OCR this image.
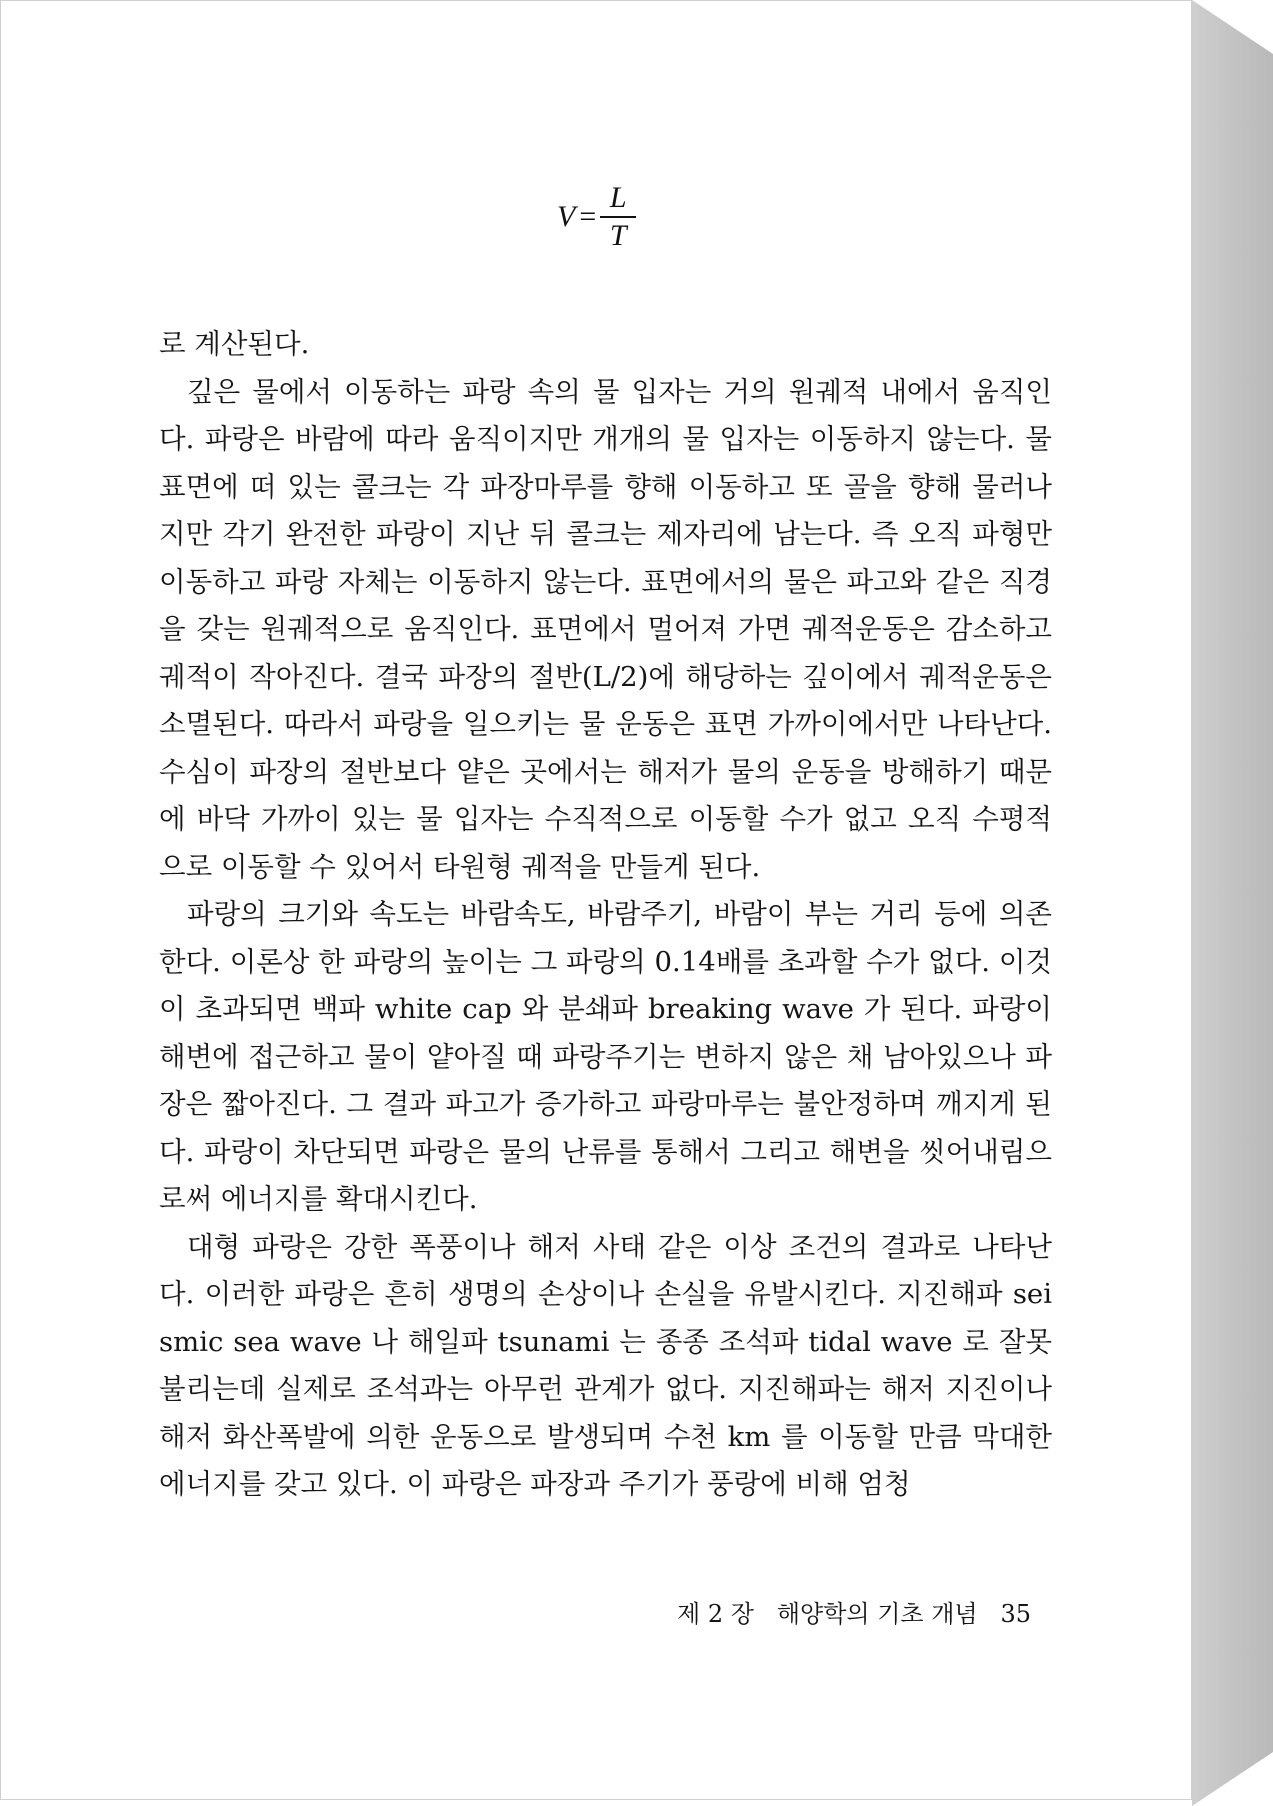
$V = \frac{L}{T}$

로 계산된다.

깊은 물에서 이동하는 파랑 속의 물 입자는 거의 원궤적 내에서 움직인다. 파랑은 바람에 따라 움직이지만 개개의 물 입자는 이동하지 않는다. 물 표면에 떠 있는 콜크는 각 파장마루를 향해 이동하고 또 골을 향해 물러나지만 각기 완전한 파랑이 지난 뒤 콜크는 제자리에 남는다. 즉 오직 파형만 이동하고 파랑 자체는 이동하지 않는다. 표면에서의 물은 파고와 같은 직경을 갖는 원궤적으로 움직인다. 표면에서 멀어져 가면 궤적운동은 감소하고 궤적이 작아진다. 결국 파장의 절반(L/2)에 해당하는 깊이에서 궤적운동은 소멸된다. 따라서 파랑을 일으키는 물 운동은 표면 가까이에서만 나타난다. 수심이 파장의 절반보다 얕은 곳에서는 해저가 물의 운동을 방해하기 때문에 바닥 가까이 있는 물 입자는 수직적으로 이동할 수가 없고 오직 수평적으로 이동할 수 있어서 타원형 궤적을 만들게 된다.

파랑의 크기와 속도는 바람속도, 바람주기, 바람이 부는 거리 등에 의존한다. 이론상 한 파랑의 높이는 그 파랑의 0.14배를 초과할 수가 없다. 이것이 초과되면 백파 white cap 와 분쇄파 breaking wave 가 된다. 파랑이 해변에 접근하고 물이 얕아질 때 파랑주기는 변하지 않은 채 남아있으나 파장은 짧아진다. 그 결과 파고가 증가하고 파랑마루는 불안정하며 깨지게 된다. 파랑이 차단되면 파랑은 물의 난류를 통해서 그리고 해변을 씻어내림으로써 에너지를 확대시킨다.

대형 파랑은 강한 폭풍이나 해저 사태 같은 이상 조건의 결과로 나타난다. 이러한 파랑은 흔히 생명의 손상이나 손실을 유발시킨다. 지진해파 seismic sea wave 나 해일파 tsunami 는 종종 조석파 tidal wave 로 잘못 불리는데 실제로 조석과는 아무런 관계가 없다. 지진해파는 해저 지진이나 해저 화산폭발에 의한 운동으로 발생되며 수천 km 를 이동할 만큼 막대한 에너지를 갖고 있다. 이 파랑은 파장과 주기가 풍랑에 비해 엄청

제 2 장 해양학의 기초 개념 35
